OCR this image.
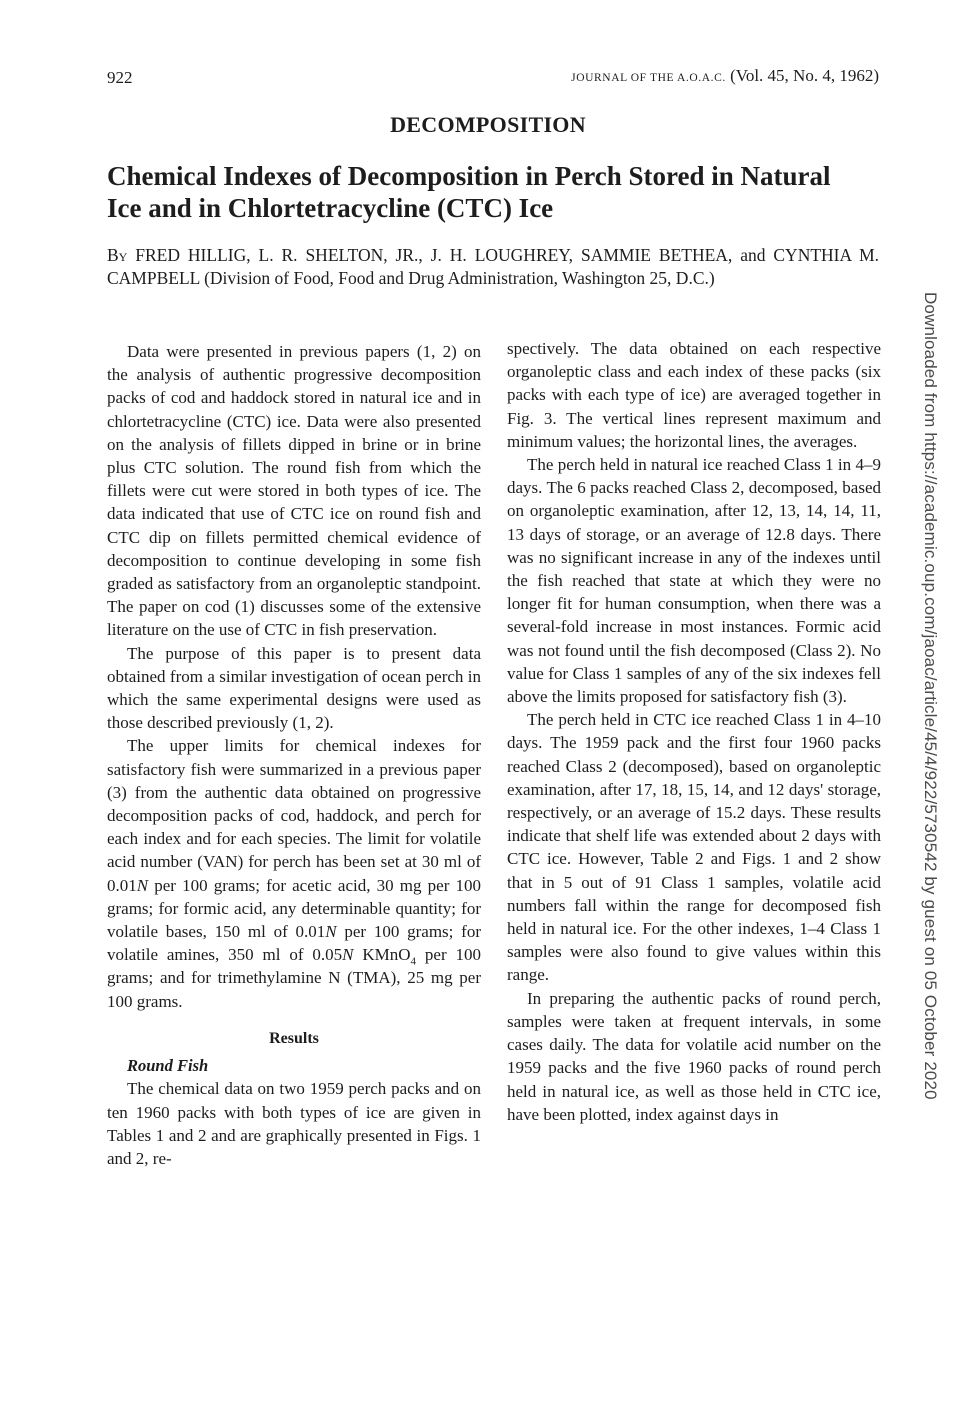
922	JOURNAL OF THE A.O.A.C. (Vol. 45, No. 4, 1962)
DECOMPOSITION
Chemical Indexes of Decomposition in Perch Stored in Natural Ice and in Chlortetracycline (CTC) Ice

By FRED HILLIG, L. R. SHELTON, JR., J. H. LOUGHREY, SAMMIE BETHEA, and CYNTHIA M. CAMPBELL (Division of Food, Food and Drug Administration, Washington 25, D.C.)

Data were presented in previous papers (1, 2) on the analysis of authentic progressive decomposition packs of cod and haddock stored in natural ice and in chlortetracycline (CTC) ice. Data were also presented on the analysis of fillets dipped in brine or in brine plus CTC solution. The round fish from which the fillets were cut were stored in both types of ice. The data indicated that use of CTC ice on round fish and CTC dip on fillets permitted chemical evidence of decomposition to continue developing in some fish graded as satisfactory from an organoleptic standpoint. The paper on cod (1) discusses some of the extensive literature on the use of CTC in fish preservation.

The purpose of this paper is to present data obtained from a similar investigation of ocean perch in which the same experimental designs were used as those described previously (1, 2).

The upper limits for chemical indexes for satisfactory fish were summarized in a previous paper (3) from the authentic data obtained on progressive decomposition packs of cod, haddock, and perch for each index and for each species. The limit for volatile acid number (VAN) for perch has been set at 30 ml of 0.01N per 100 grams; for acetic acid, 30 mg per 100 grams; for formic acid, any determinable quantity; for volatile bases, 150 ml of 0.01N per 100 grams; for volatile amines, 350 ml of 0.05N KMnO$_4$ per 100 grams; and for trimethylamine N (TMA), 25 mg per 100 grams.

Results

Round Fish

The chemical data on two 1959 perch packs and on ten 1960 packs with both types of ice are given in Tables 1 and 2 and are graphically presented in Figs. 1 and 2, re-

spectively. The data obtained on each respective organoleptic class and each index of these packs (six packs with each type of ice) are averaged together in Fig. 3. The vertical lines represent maximum and minimum values; the horizontal lines, the averages.

The perch held in natural ice reached Class 1 in 4–9 days. The 6 packs reached Class 2, decomposed, based on organoleptic examination, after 12, 13, 14, 14, 11, 13 days of storage, or an average of 12.8 days. There was no significant increase in any of the indexes until the fish reached that state at which they were no longer fit for human consumption, when there was a several-fold increase in most instances. Formic acid was not found until the fish decomposed (Class 2). No value for Class 1 samples of any of the six indexes fell above the limits proposed for satisfactory fish (3).

The perch held in CTC ice reached Class 1 in 4–10 days. The 1959 pack and the first four 1960 packs reached Class 2 (decomposed), based on organoleptic examination, after 17, 18, 15, 14, and 12 days' storage, respectively, or an average of 15.2 days. These results indicate that shelf life was extended about 2 days with CTC ice. However, Table 2 and Figs. 1 and 2 show that in 5 out of 91 Class 1 samples, volatile acid numbers fall within the range for decomposed fish held in natural ice. For the other indexes, 1–4 Class 1 samples were also found to give values within this range.

In preparing the authentic packs of round perch, samples were taken at frequent intervals, in some cases daily. The data for volatile acid number on the 1959 packs and the five 1960 packs of round perch held in natural ice, as well as those held in CTC ice, have been plotted, index against days in

Downloaded from https://academic.oup.com/jaoac/article/45/4/922/5730542 by guest on 05 October 2020
